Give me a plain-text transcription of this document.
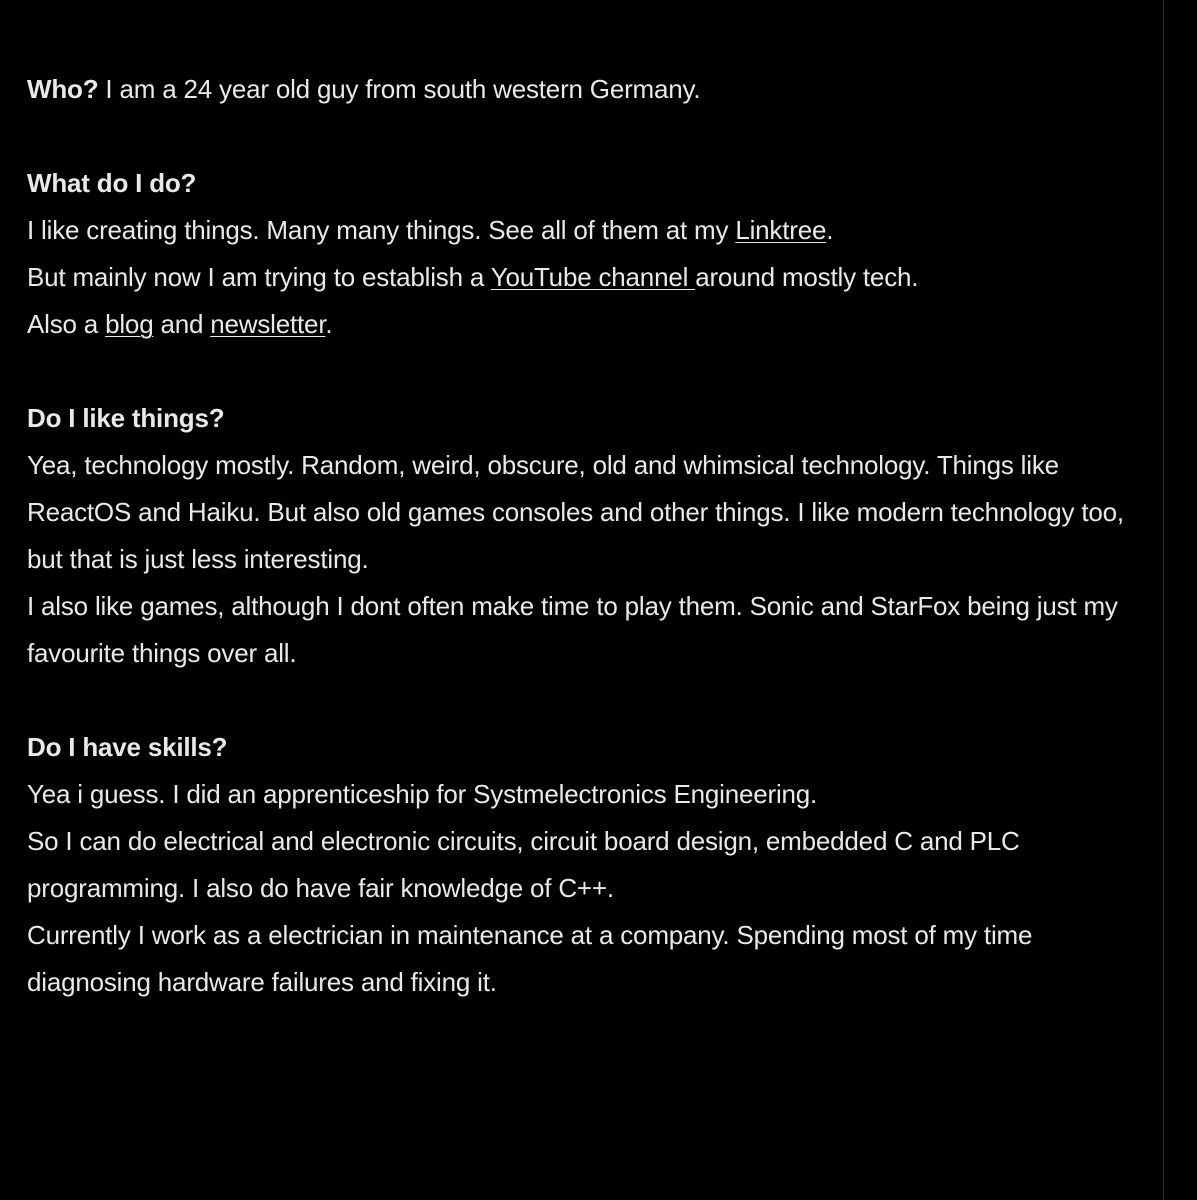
Who? I am a 24 year old guy from south western Germany.
What do I do?
I like creating things. Many many things. See all of them at my Linktree.
But mainly now I am trying to establish a YouTube channel around mostly tech.
Also a blog and newsletter.
Do I like things?
Yea, technology mostly. Random, weird, obscure, old and whimsical technology. Things like ReactOS and Haiku. But also old games consoles and other things. I like modern technology too, but that is just less interesting.
I also like games, although I dont often make time to play them. Sonic and StarFox being just my favourite things over all.
Do I have skills?
Yea i guess. I did an apprenticeship for Systmelectronics Engineering.
So I can do electrical and electronic circuits, circuit board design, embedded C and PLC programming. I also do have fair knowledge of C++.
Currently I work as a electrician in maintenance at a company. Spending most of my time diagnosing hardware failures and fixing it.
